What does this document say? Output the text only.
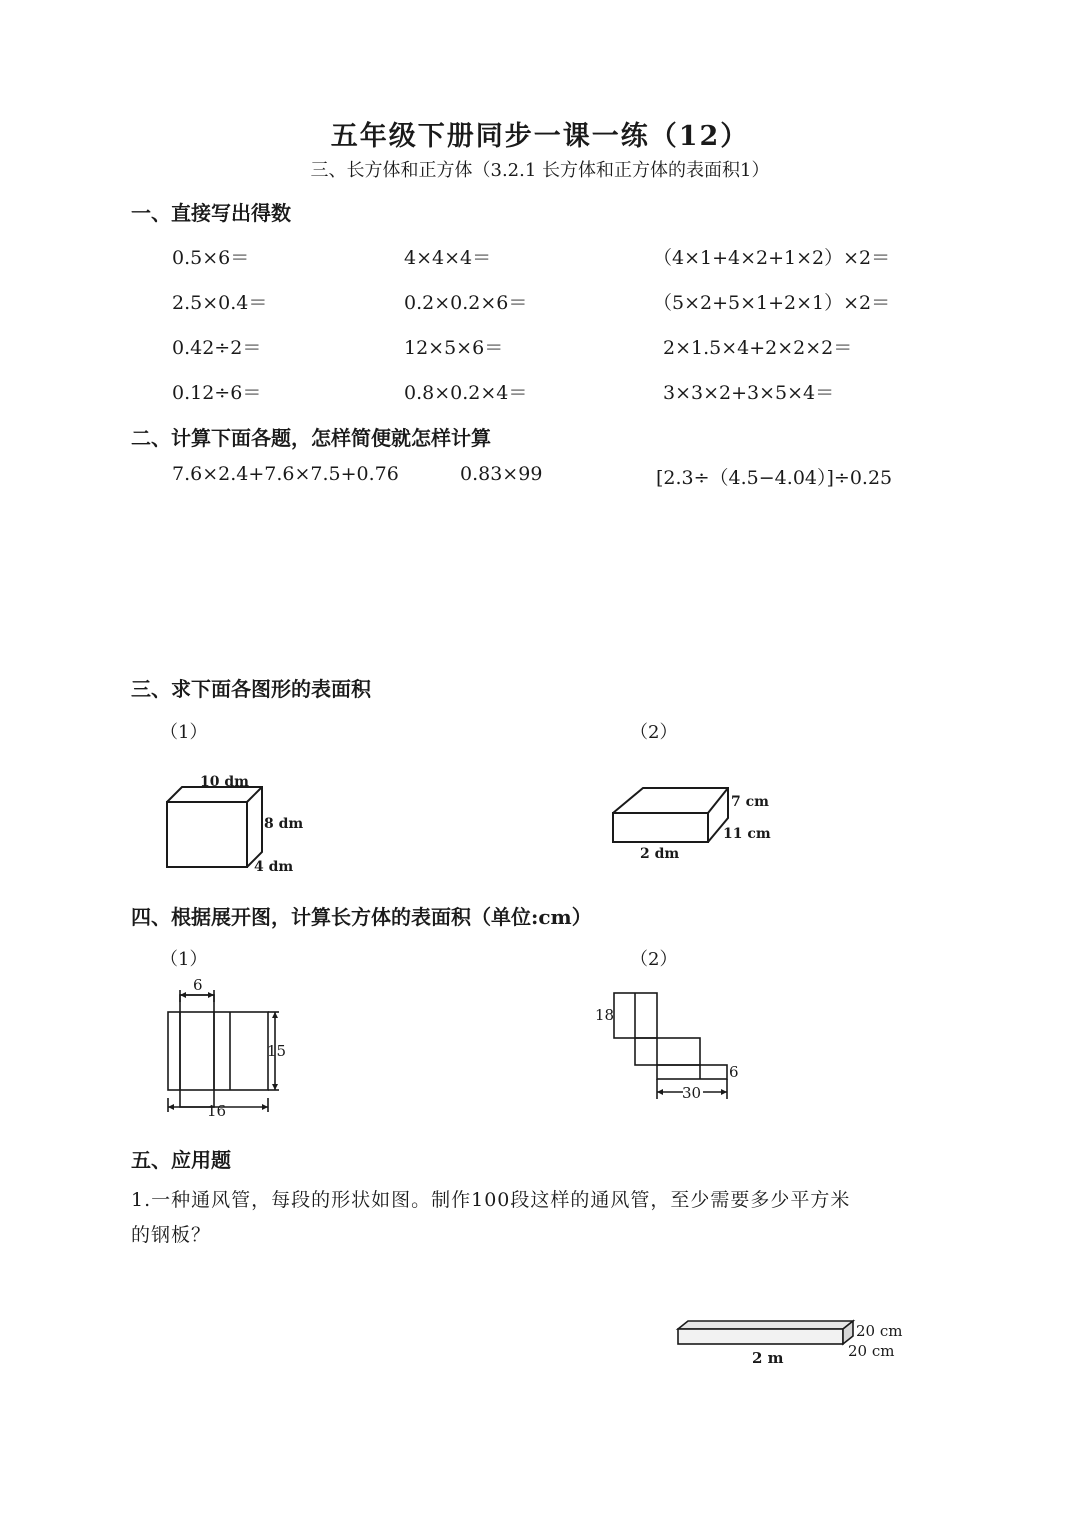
五年级下册同步一课一练（12）
三、长方体和正方体（3.2.1 长方体和正方体的表面积1）
一、直接写出得数
0.5×6＝	4×4×4＝	（4×1+4×2+1×2）×2＝
2.5×0.4＝	0.2×0.2×6＝	（5×2+5×1+2×1）×2＝
0.42÷2＝	12×5×6＝	2×1.5×4+2×2×2＝
0.12÷6＝	0.8×0.2×4＝	3×3×2+3×5×4＝
二、计算下面各题，怎样简便就怎样计算
7.6×2.4+7.6×7.5+0.76	0.83×99	[2.3÷（4.5−4.04）]÷0.25
三、求下面各图形的表面积
（1）	（2）
10 dm
8 dm
4 dm
7 cm
11 cm
2 dm
四、根据展开图，计算长方体的表面积（单位:cm）
（1）	（2）
6
15
16
18
6
30
五、应用题
1.一种通风管，每段的形状如图。制作100段这样的通风管，至少需要多少平方米
的钢板？
20 cm
20 cm
2 m
